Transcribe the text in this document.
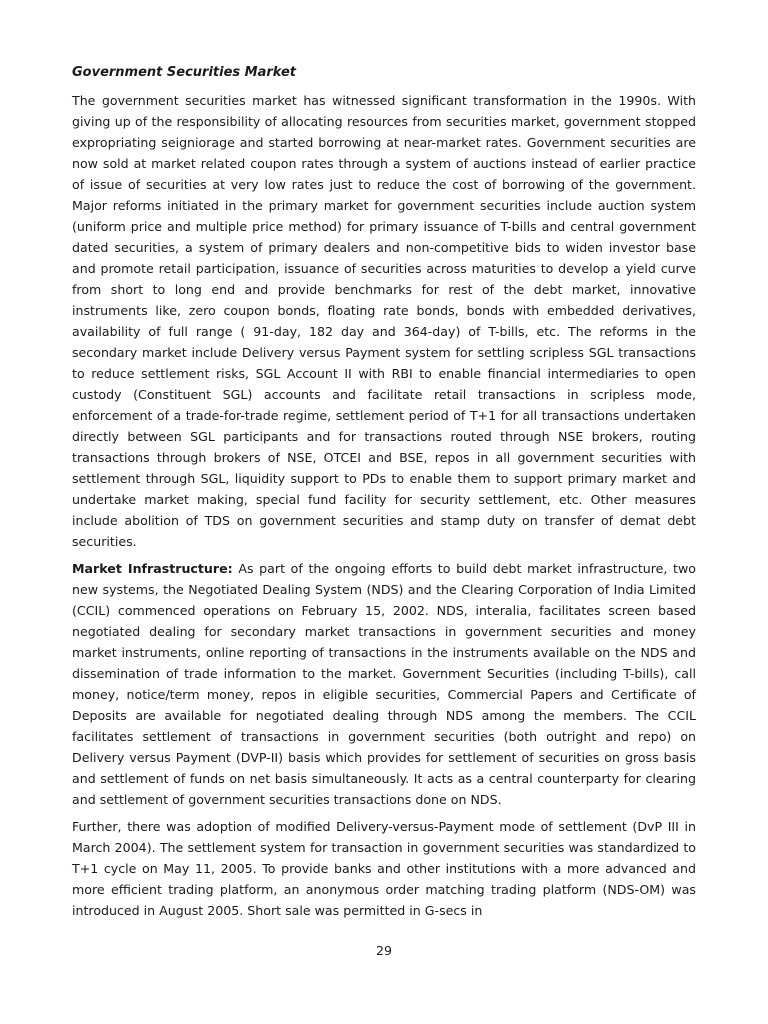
Government Securities Market

The government securities market has witnessed significant transformation in the 1990s. With giving up of the responsibility of allocating resources from securities market, government stopped expropriating seigniorage and started borrowing at near-market rates. Government securities are now sold at market related coupon rates through a system of auctions instead of earlier practice of issue of securities at very low rates just to reduce the cost of borrowing of the government. Major reforms initiated in the primary market for government securities include auction system (uniform price and multiple price method) for primary issuance of T-bills and central government dated securities, a system of primary dealers and non-competitive bids to widen investor base and promote retail participation, issuance of securities across maturities to develop a yield curve from short to long end and provide benchmarks for rest of the debt market, innovative instruments like, zero coupon bonds, floating rate bonds, bonds with embedded derivatives, availability of full range ( 91-day, 182 day and 364-day) of T-bills, etc. The reforms in the secondary market include Delivery versus Payment system for settling scripless SGL transactions to reduce settlement risks, SGL Account II with RBI to enable financial intermediaries to open custody (Constituent SGL) accounts and facilitate retail transactions in scripless mode, enforcement of a trade-for-trade regime, settlement period of T+1 for all transactions undertaken directly between SGL participants and for transactions routed through NSE brokers, routing transactions through brokers of NSE, OTCEI and BSE, repos in all government securities with settlement through SGL, liquidity support to PDs to enable them to support primary market and undertake market making, special fund facility for security settlement, etc. Other measures include abolition of TDS on government securities and stamp duty on transfer of demat debt securities.

Market Infrastructure: As part of the ongoing efforts to build debt market infrastructure, two new systems, the Negotiated Dealing System (NDS) and the Clearing Corporation of India Limited (CCIL) commenced operations on February 15, 2002. NDS, interalia, facilitates screen based negotiated dealing for secondary market transactions in government securities and money market instruments, online reporting of transactions in the instruments available on the NDS and dissemination of trade information to the market. Government Securities (including T-bills), call money, notice/term money, repos in eligible securities, Commercial Papers and Certificate of Deposits are available for negotiated dealing through NDS among the members. The CCIL facilitates settlement of transactions in government securities (both outright and repo) on Delivery versus Payment (DVP-II) basis which provides for settlement of securities on gross basis and settlement of funds on net basis simultaneously. It acts as a central counterparty for clearing and settlement of government securities transactions done on NDS.

Further, there was adoption of modified Delivery-versus-Payment mode of settlement (DvP III in March 2004). The settlement system for transaction in government securities was standardized to T+1 cycle on May 11, 2005. To provide banks and other institutions with a more advanced and more efficient trading platform, an anonymous order matching trading platform (NDS-OM) was introduced in August 2005. Short sale was permitted in G-secs in

29
